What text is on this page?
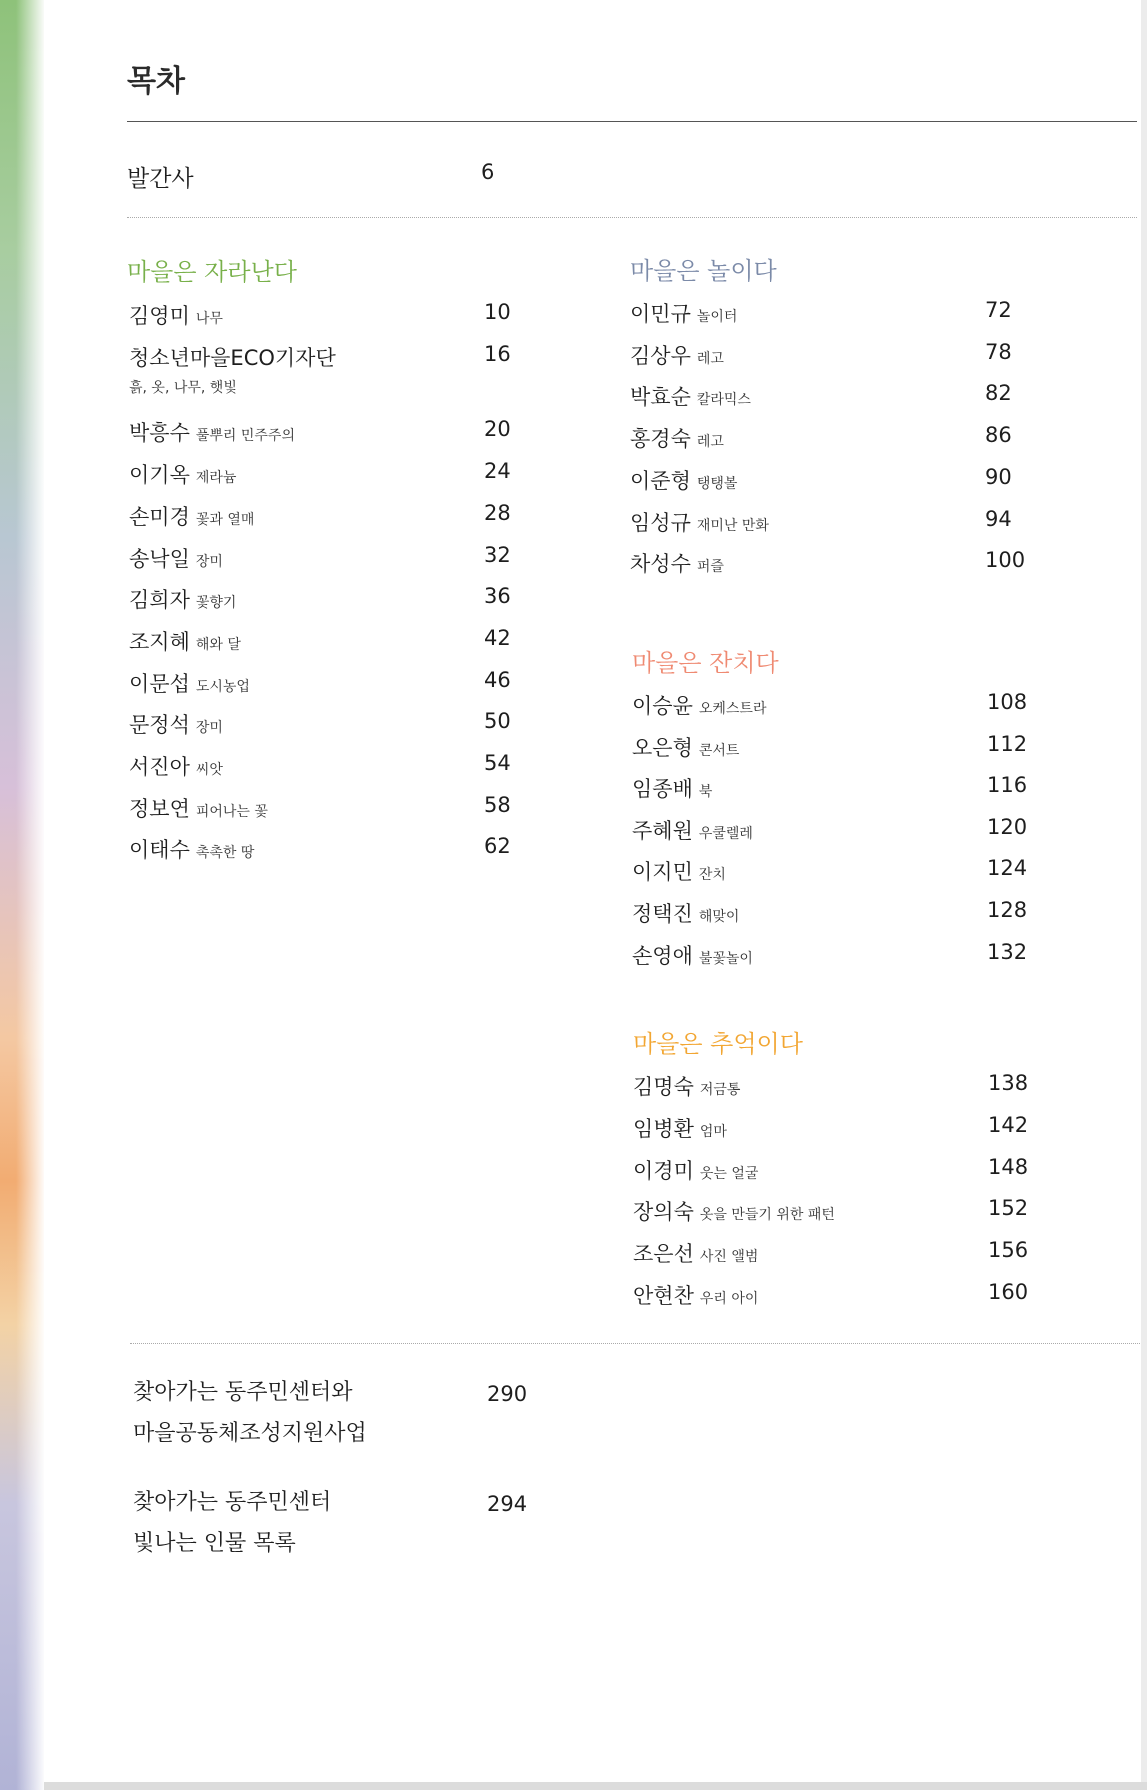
목차
발간사	6
마을은 자라난다
김영미 나무	10
청소년마을ECO기자단	16
박흥수 풀뿌리 민주주의	20
이기옥 제라늄	24
손미경 꽃과 열매	28
송낙일 장미	32
김희자 꽃향기	36
조지혜 해와 달	42
이문섭 도시농업	46
문정석 장미	50
서진아 씨앗	54
정보연 피어나는 꽃	58
이태수 촉촉한 땅	62
흙, 옷, 나무, 햇빛
마을은 놀이다
이민규 놀이터	72
김상우 레고	78
박효순 칼라믹스	82
홍경숙 레고	86
이준형 탱탱볼	90
임성규 재미난 만화	94
차성수 퍼즐	100
마을은 잔치다
이승윤 오케스트라	108
오은형 콘서트	112
임종배 북	116
주혜원 우쿨렐레	120
이지민 잔치	124
정택진 해맞이	128
손영애 불꽃놀이	132
마을은 추억이다
김명숙 저금통	138
임병환 엄마	142
이경미 웃는 얼굴	148
장의숙 옷을 만들기 위한 패턴	152
조은선 사진 앨범	156
안현찬 우리 아이	160
찾아가는 동주민센터와
마을공동체조성지원사업
290
찾아가는 동주민센터
빛나는 인물 목록
294
